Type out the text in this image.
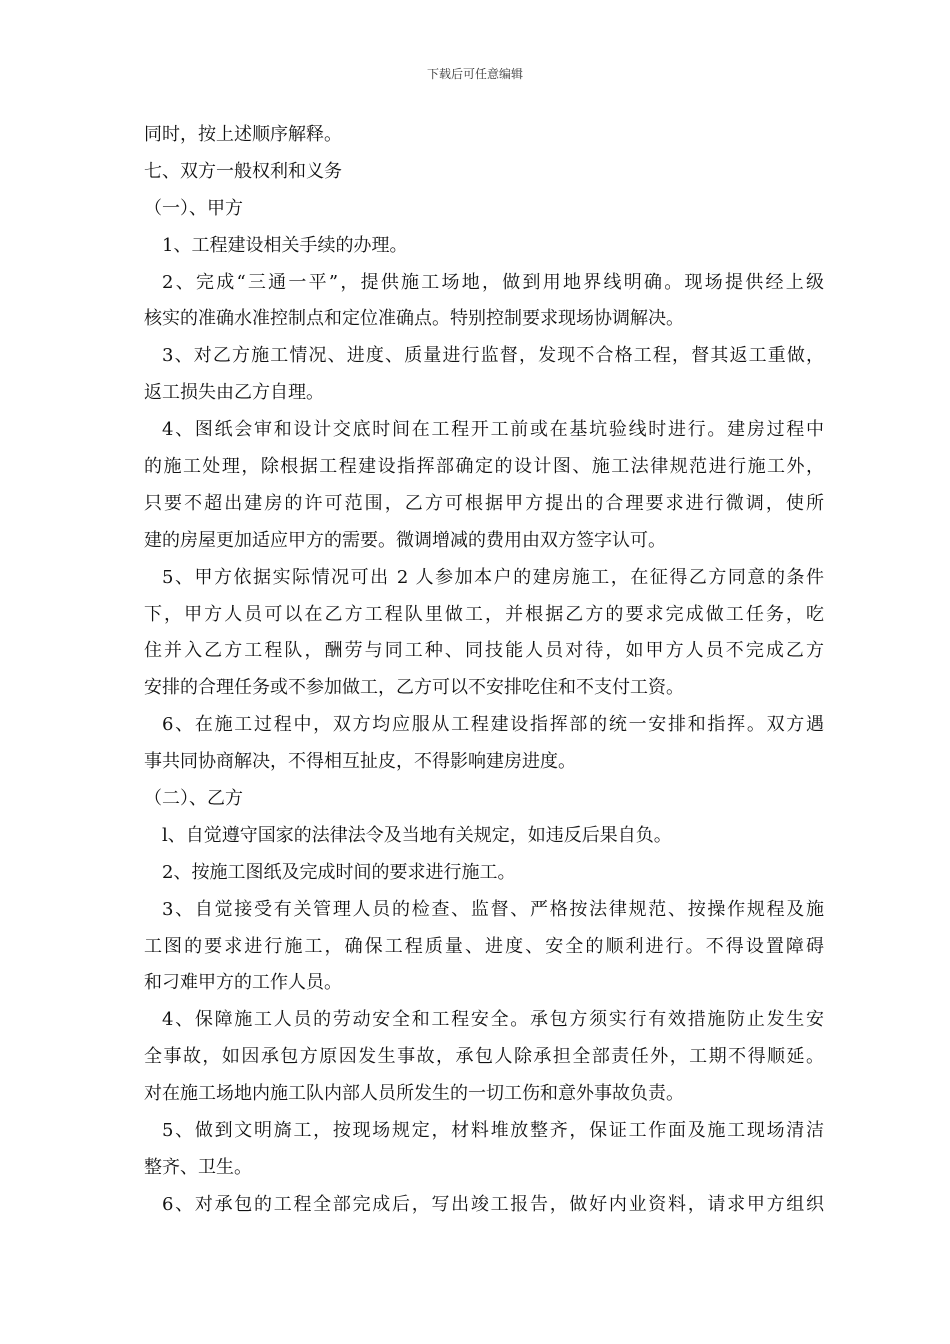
下载后可任意编辑
同时，按上述顺序解释。
七、双方一般权利和义务
（一）、甲方
1、工程建设相关手续的办理。
2、完成“三通一平”，提供施工场地，做到用地界线明确。现场提供经上级
核实的准确水准控制点和定位准确点。特别控制要求现场协调解决。
3、对乙方施工情况、进度、质量进行监督，发现不合格工程，督其返工重做，
返工损失由乙方自理。
4、图纸会审和设计交底时间在工程开工前或在基坑验线时进行。建房过程中
的施工处理，除根据工程建设指挥部确定的设计图、施工法律规范进行施工外，
只要不超出建房的许可范围，乙方可根据甲方提出的合理要求进行微调，使所
建的房屋更加适应甲方的需要。微调增减的费用由双方签字认可。
5、甲方依据实际情况可出 2 人参加本户的建房施工，在征得乙方同意的条件
下，甲方人员可以在乙方工程队里做工，并根据乙方的要求完成做工任务，吃
住并入乙方工程队，酬劳与同工种、同技能人员对待，如甲方人员不完成乙方
安排的合理任务或不参加做工，乙方可以不安排吃住和不支付工资。
6、在施工过程中，双方均应服从工程建设指挥部的统一安排和指挥。双方遇
事共同协商解决，不得相互扯皮，不得影响建房进度。
（二）、乙方
l、自觉遵守国家的法律法令及当地有关规定，如违反后果自负。
2、按施工图纸及完成时间的要求进行施工。
3、自觉接受有关管理人员的检查、监督、严格按法律规范、按操作规程及施
工图的要求进行施工，确保工程质量、进度、安全的顺利进行。不得设置障碍
和刁难甲方的工作人员。
4、保障施工人员的劳动安全和工程安全。承包方须实行有效措施防止发生安
全事故，如因承包方原因发生事故，承包人除承担全部责任外，工期不得顺延。
对在施工场地内施工队内部人员所发生的一切工伤和意外事故负责。
5、做到文明旖工，按现场规定，材料堆放整齐，保证工作面及施工现场清洁
整齐、卫生。
6、对承包的工程全部完成后，写出竣工报告，做好内业资料，请求甲方组织
